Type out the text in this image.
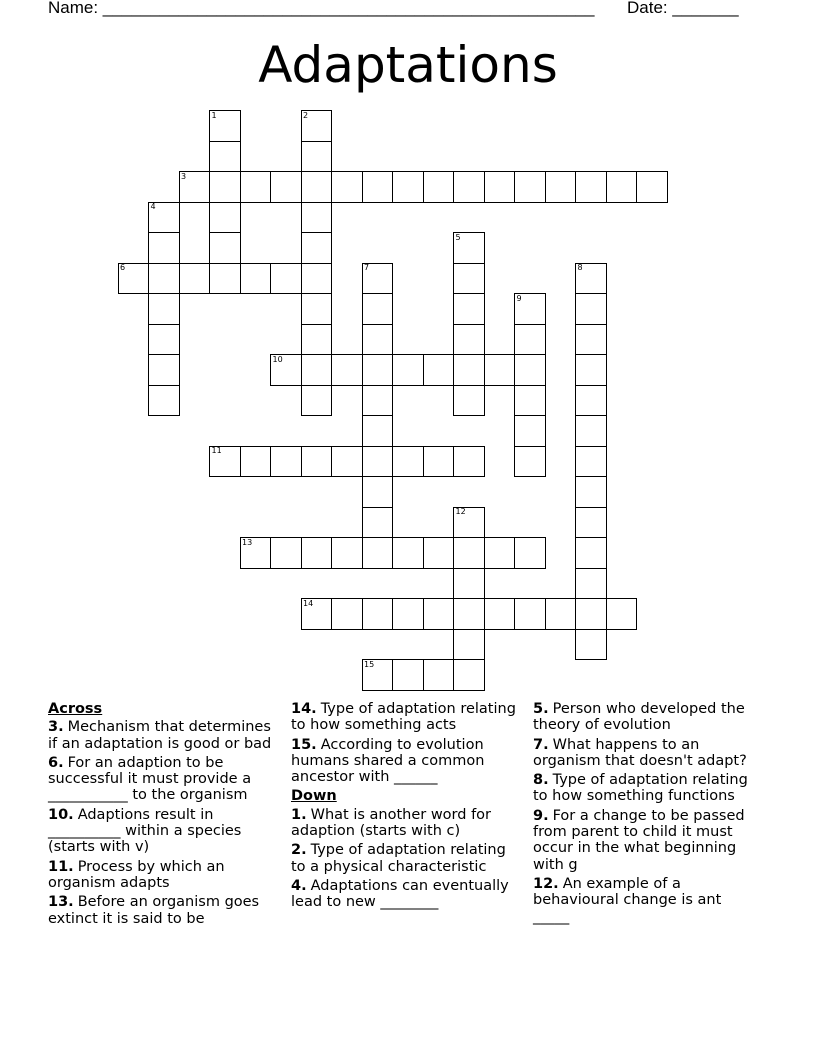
Name: ____________________________________________________ Date: _______
Adaptations
3
6
10
11
13
14
15
1	2
4
5
7	8
9
12
Across
3. Mechanism that determines if an adaptation is good or bad
6. For an adaption to be successful it must provide a ___________ to the organism
10. Adaptions result in __________ within a species (starts with v)
11. Process by which an organism adapts
13. Before an organism goes extinct it is said to be
14. Type of adaptation relating to how something acts
15. According to evolution humans shared a common ancestor with ______
Down
1. What is another word for adaption (starts with c)
2. Type of adaptation relating to a physical characteristic
4. Adaptations can eventually lead to new ________
5. Person who developed the theory of evolution
7. What happens to an organism that doesn't adapt?
8. Type of adaptation relating to how something functions
9. For a change to be passed from parent to child it must occur in the what beginning with g
12. An example of a behavioural change is ant _____
